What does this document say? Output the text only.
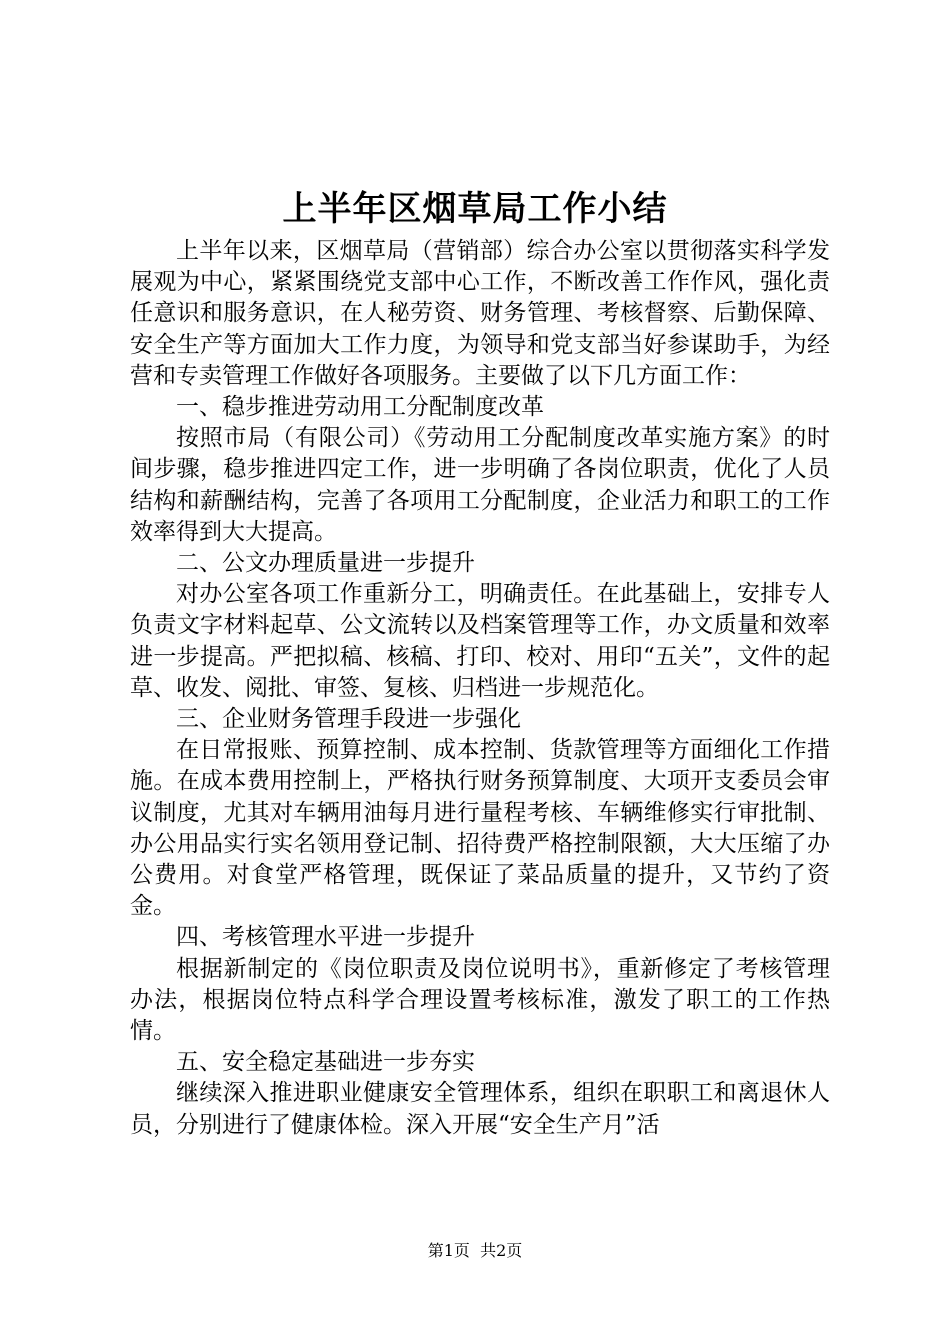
上半年区烟草局工作小结

上半年以来，区烟草局（营销部）综合办公室以贯彻落实科学发展观为中心，紧紧围绕党支部中心工作，不断改善工作作风，强化责任意识和服务意识，在人秘劳资、财务管理、考核督察、后勤保障、安全生产等方面加大工作力度，为领导和党支部当好参谋助手，为经营和专卖管理工作做好各项服务。主要做了以下几方面工作：

一、稳步推进劳动用工分配制度改革

按照市局（有限公司）《劳动用工分配制度改革实施方案》的时间步骤，稳步推进四定工作，进一步明确了各岗位职责，优化了人员结构和薪酬结构，完善了各项用工分配制度，企业活力和职工的工作效率得到大大提高。

二、公文办理质量进一步提升

对办公室各项工作重新分工，明确责任。在此基础上，安排专人负责文字材料起草、公文流转以及档案管理等工作，办文质量和效率进一步提高。严把拟稿、核稿、打印、校对、用印“五关”，文件的起草、收发、阅批、审签、复核、归档进一步规范化。

三、企业财务管理手段进一步强化

在日常报账、预算控制、成本控制、货款管理等方面细化工作措施。在成本费用控制上，严格执行财务预算制度、大项开支委员会审议制度，尤其对车辆用油每月进行量程考核、车辆维修实行审批制、办公用品实行实名领用登记制、招待费严格控制限额，大大压缩了办公费用。对食堂严格管理，既保证了菜品质量的提升，又节约了资金。

四、考核管理水平进一步提升

根据新制定的《岗位职责及岗位说明书》，重新修定了考核管理办法，根据岗位特点科学合理设置考核标准，激发了职工的工作热情。

五、安全稳定基础进一步夯实

继续深入推进职业健康安全管理体系，组织在职职工和离退休人员，分别进行了健康体检。深入开展“安全生产月”活

第1页 共2页
